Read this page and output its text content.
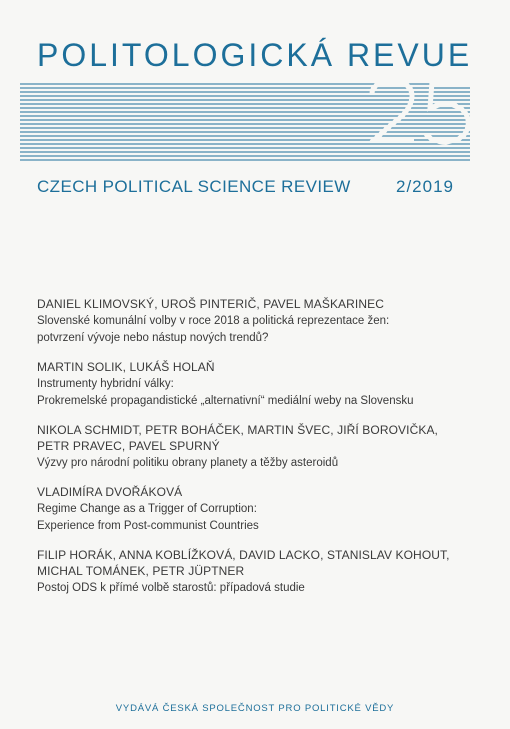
POLITOLOGICKÁ REVUE
CZECH POLITICAL SCIENCE REVIEW	2/2019
DANIEL KLIMOVSKÝ, UROŠ PINTERIČ, PAVEL MAŠKARINEC
Slovenské komunální volby v roce 2018 a politická reprezentace žen:
potvrzení vývoje nebo nástup nových trendů?
MARTIN SOLIK, LUKÁŠ HOLAŇ
Instrumenty hybridní války:
Prokremelské propagandistické „alternativní“ mediální weby na Slovensku
NIKOLA SCHMIDT, PETR BOHÁČEK, MARTIN ŠVEC, JIŘÍ BOROVIČKA,
PETR PRAVEC, PAVEL SPURNÝ
Výzvy pro národní politiku obrany planety a těžby asteroidů
VLADIMÍRA DVOŘÁKOVÁ
Regime Change as a Trigger of Corruption:
Experience from Post-communist Countries
FILIP HORÁK, ANNA KOBLÍŽKOVÁ, DAVID LACKO, STANISLAV KOHOUT,
MICHAL TOMÁNEK, PETR JÜPTNER
Postoj ODS k přímé volbě starostů: případová studie
VYDÁVÁ ČESKÁ SPOLEČNOST PRO POLITICKÉ VĚDY
